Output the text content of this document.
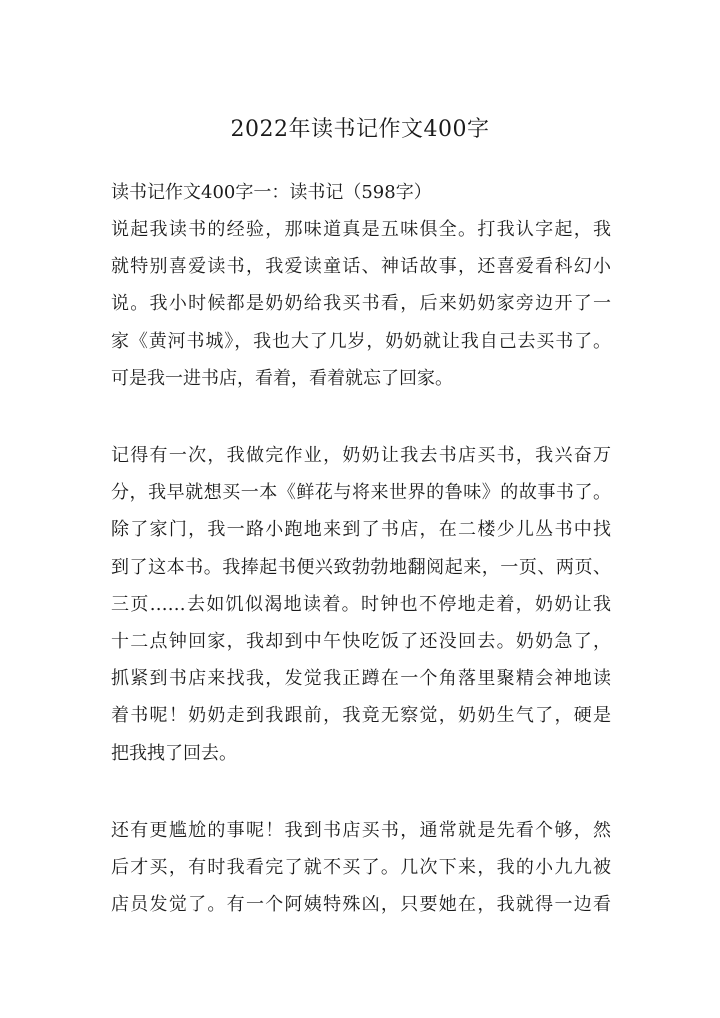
2022年读书记作文400字
读书记作文400字一：读书记（598字）
说起我读书的经验，那味道真是五味俱全。打我认字起，我
就特别喜爱读书，我爱读童话、神话故事，还喜爱看科幻小
说。我小时候都是奶奶给我买书看，后来奶奶家旁边开了一
家《黄河书城》，我也大了几岁，奶奶就让我自己去买书了。
可是我一进书店，看着，看着就忘了回家。
记得有一次，我做完作业，奶奶让我去书店买书，我兴奋万
分，我早就想买一本《鲜花与将来世界的鲁味》的故事书了。
除了家门，我一路小跑地来到了书店，在二楼少儿丛书中找
到了这本书。我捧起书便兴致勃勃地翻阅起来，一页、两页、
三页……去如饥似渴地读着。时钟也不停地走着，奶奶让我
十二点钟回家，我却到中午快吃饭了还没回去。奶奶急了，
抓紧到书店来找我，发觉我正蹲在一个角落里聚精会神地读
着书呢！奶奶走到我跟前，我竟无察觉，奶奶生气了，硬是
把我拽了回去。
还有更尴尬的事呢！我到书店买书，通常就是先看个够，然
后才买，有时我看完了就不买了。几次下来，我的小九九被
店员发觉了。有一个阿姨特殊凶，只要她在，我就得一边看
